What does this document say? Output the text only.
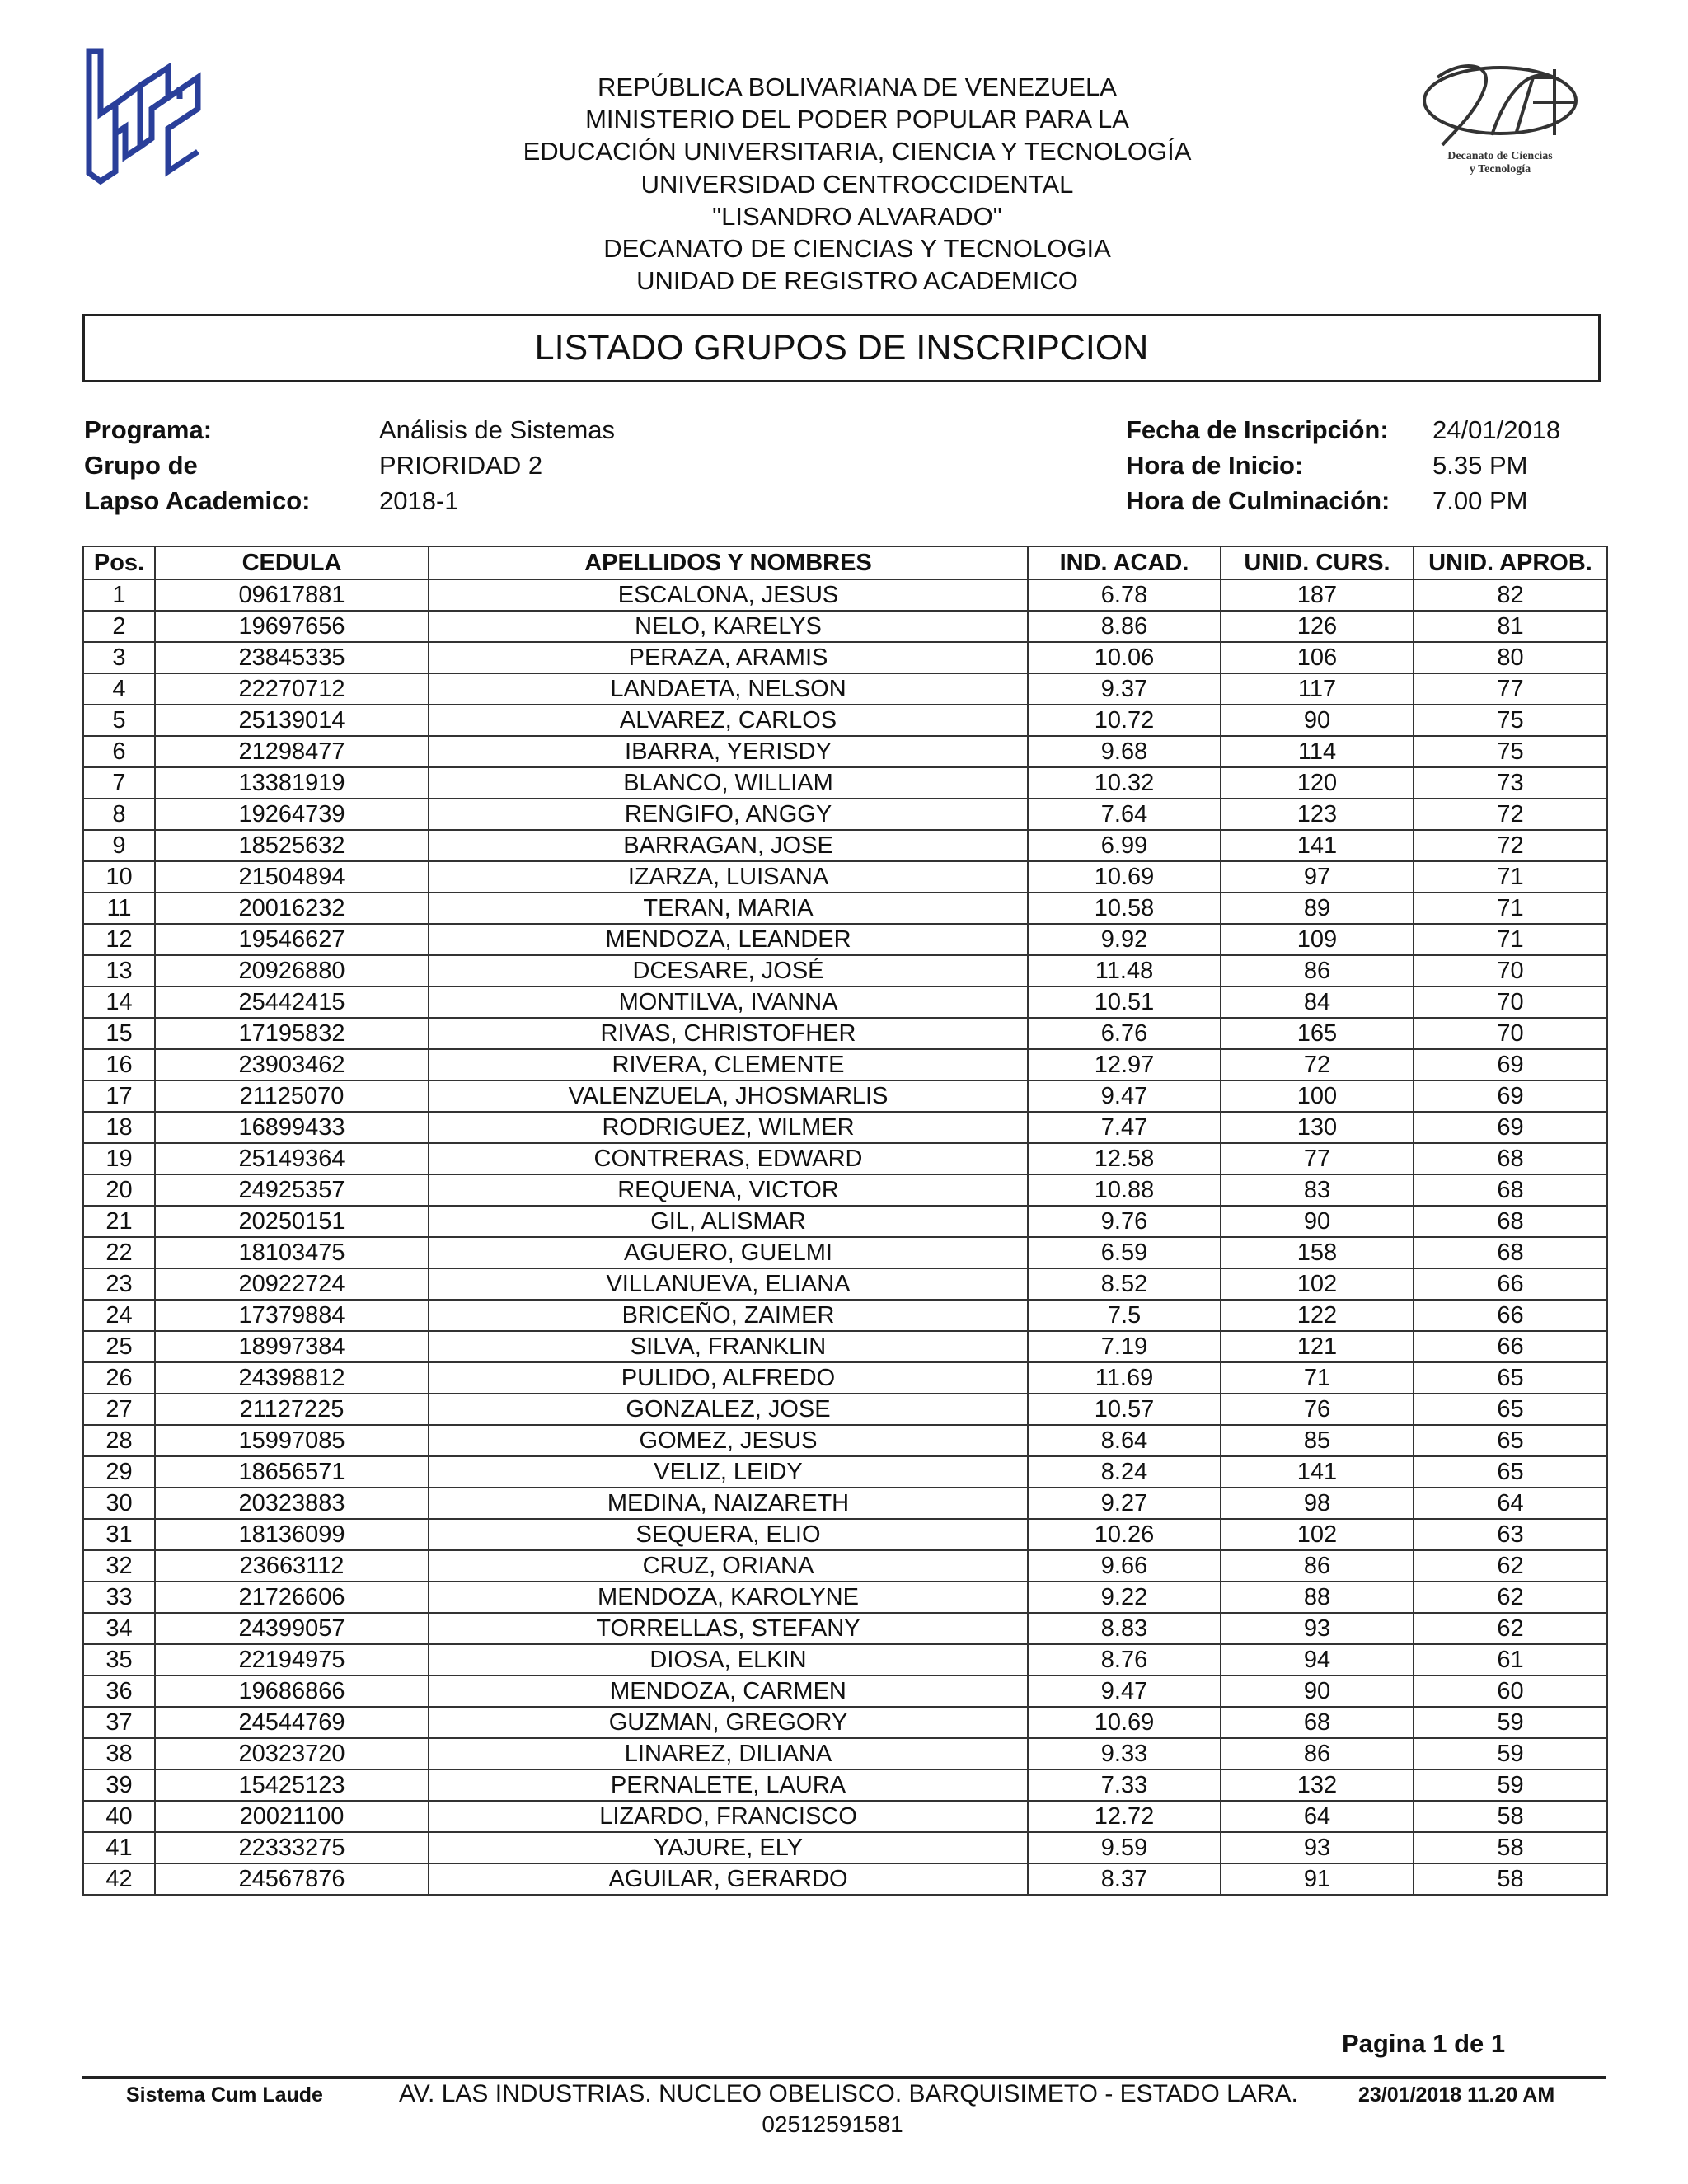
Decanato de Ciencias
y Tecnología
REPÚBLICA BOLIVARIANA DE VENEZUELA
MINISTERIO DEL PODER POPULAR PARA LA
EDUCACIÓN UNIVERSITARIA, CIENCIA Y TECNOLOGÍA
UNIVERSIDAD CENTROCCIDENTAL
"LISANDRO ALVARADO"
DECANATO DE CIENCIAS Y TECNOLOGIA
UNIDAD DE REGISTRO ACADEMICO
LISTADO GRUPOS DE INSCRIPCION
Programa:	Análisis de Sistemas
Grupo de	PRIORIDAD 2
Lapso Academico:	2018-1
Fecha de Inscripción:	24/01/2018
Hora de Inicio:	5.35 PM
Hora de Culminación:	7.00 PM
Pos.	CEDULA	APELLIDOS Y NOMBRES	IND. ACAD.	UNID. CURS.	UNID. APROB.
1	09617881	ESCALONA, JESUS	6.78	187	82
2	19697656	NELO, KARELYS	8.86	126	81
3	23845335	PERAZA, ARAMIS	10.06	106	80
4	22270712	LANDAETA, NELSON	9.37	117	77
5	25139014	ALVAREZ, CARLOS	10.72	90	75
6	21298477	IBARRA, YERISDY	9.68	114	75
7	13381919	BLANCO, WILLIAM	10.32	120	73
8	19264739	RENGIFO, ANGGY	7.64	123	72
9	18525632	BARRAGAN, JOSE	6.99	141	72
10	21504894	IZARZA, LUISANA	10.69	97	71
11	20016232	TERAN, MARIA	10.58	89	71
12	19546627	MENDOZA, LEANDER	9.92	109	71
13	20926880	DCESARE, JOSÉ	11.48	86	70
14	25442415	MONTILVA, IVANNA	10.51	84	70
15	17195832	RIVAS, CHRISTOFHER	6.76	165	70
16	23903462	RIVERA, CLEMENTE	12.97	72	69
17	21125070	VALENZUELA, JHOSMARLIS	9.47	100	69
18	16899433	RODRIGUEZ, WILMER	7.47	130	69
19	25149364	CONTRERAS, EDWARD	12.58	77	68
20	24925357	REQUENA, VICTOR	10.88	83	68
21	20250151	GIL, ALISMAR	9.76	90	68
22	18103475	AGUERO, GUELMI	6.59	158	68
23	20922724	VILLANUEVA, ELIANA	8.52	102	66
24	17379884	BRICEÑO, ZAIMER	7.5	122	66
25	18997384	SILVA, FRANKLIN	7.19	121	66
26	24398812	PULIDO, ALFREDO	11.69	71	65
27	21127225	GONZALEZ, JOSE	10.57	76	65
28	15997085	GOMEZ, JESUS	8.64	85	65
29	18656571	VELIZ, LEIDY	8.24	141	65
30	20323883	MEDINA, NAIZARETH	9.27	98	64
31	18136099	SEQUERA, ELIO	10.26	102	63
32	23663112	CRUZ, ORIANA	9.66	86	62
33	21726606	MENDOZA, KAROLYNE	9.22	88	62
34	24399057	TORRELLAS, STEFANY	8.83	93	62
35	22194975	DIOSA, ELKIN	8.76	94	61
36	19686866	MENDOZA, CARMEN	9.47	90	60
37	24544769	GUZMAN, GREGORY	10.69	68	59
38	20323720	LINAREZ, DILIANA	9.33	86	59
39	15425123	PERNALETE, LAURA	7.33	132	59
40	20021100	LIZARDO, FRANCISCO	12.72	64	58
41	22333275	YAJURE, ELY	9.59	93	58
42	24567876	AGUILAR, GERARDO	8.37	91	58
Pagina 1 de 1
Sistema Cum Laude	AV. LAS INDUSTRIAS. NUCLEO OBELISCO. BARQUISIMETO - ESTADO LARA.	23/01/2018 11.20 AM
02512591581
